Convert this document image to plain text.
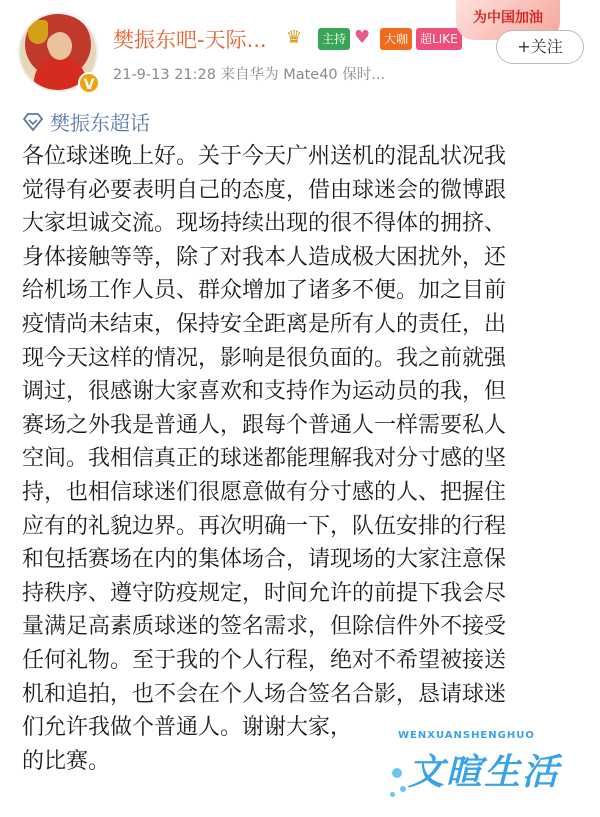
V
樊振东吧-天际... ♛	主持 ♥	大咖	超LIKE
为中国加油
+关注
21-9-13 21:28 来自华为 Mate40 保时...
樊振东超话
各位球迷晚上好。关于今天广州送机的混乱状况我
觉得有必要表明自己的态度，借由球迷会的微博跟
大家坦诚交流。现场持续出现的很不得体的拥挤、
身体接触等等，除了对我本人造成极大困扰外，还
给机场工作人员、群众增加了诸多不便。加之目前
疫情尚未结束，保持安全距离是所有人的责任，出
现今天这样的情况，影响是很负面的。我之前就强
调过，很感谢大家喜欢和支持作为运动员的我，但
赛场之外我是普通人，跟每个普通人一样需要私人
空间。我相信真正的球迷都能理解我对分寸感的坚
持，也相信球迷们很愿意做有分寸感的人、把握住
应有的礼貌边界。再次明确一下，队伍安排的行程
和包括赛场在内的集体场合，请现场的大家注意保
持秩序、遵守防疫规定，时间允许的前提下我会尽
量满足高素质球迷的签名需求，但除信件外不接受
任何礼物。至于我的个人行程，绝对不希望被接送
机和追拍，也不会在个人场合签名合影，恳请球迷
们允许我做个普通人。谢谢大家，
的比赛。
WENXUANSHENGHUO
文暄生活
